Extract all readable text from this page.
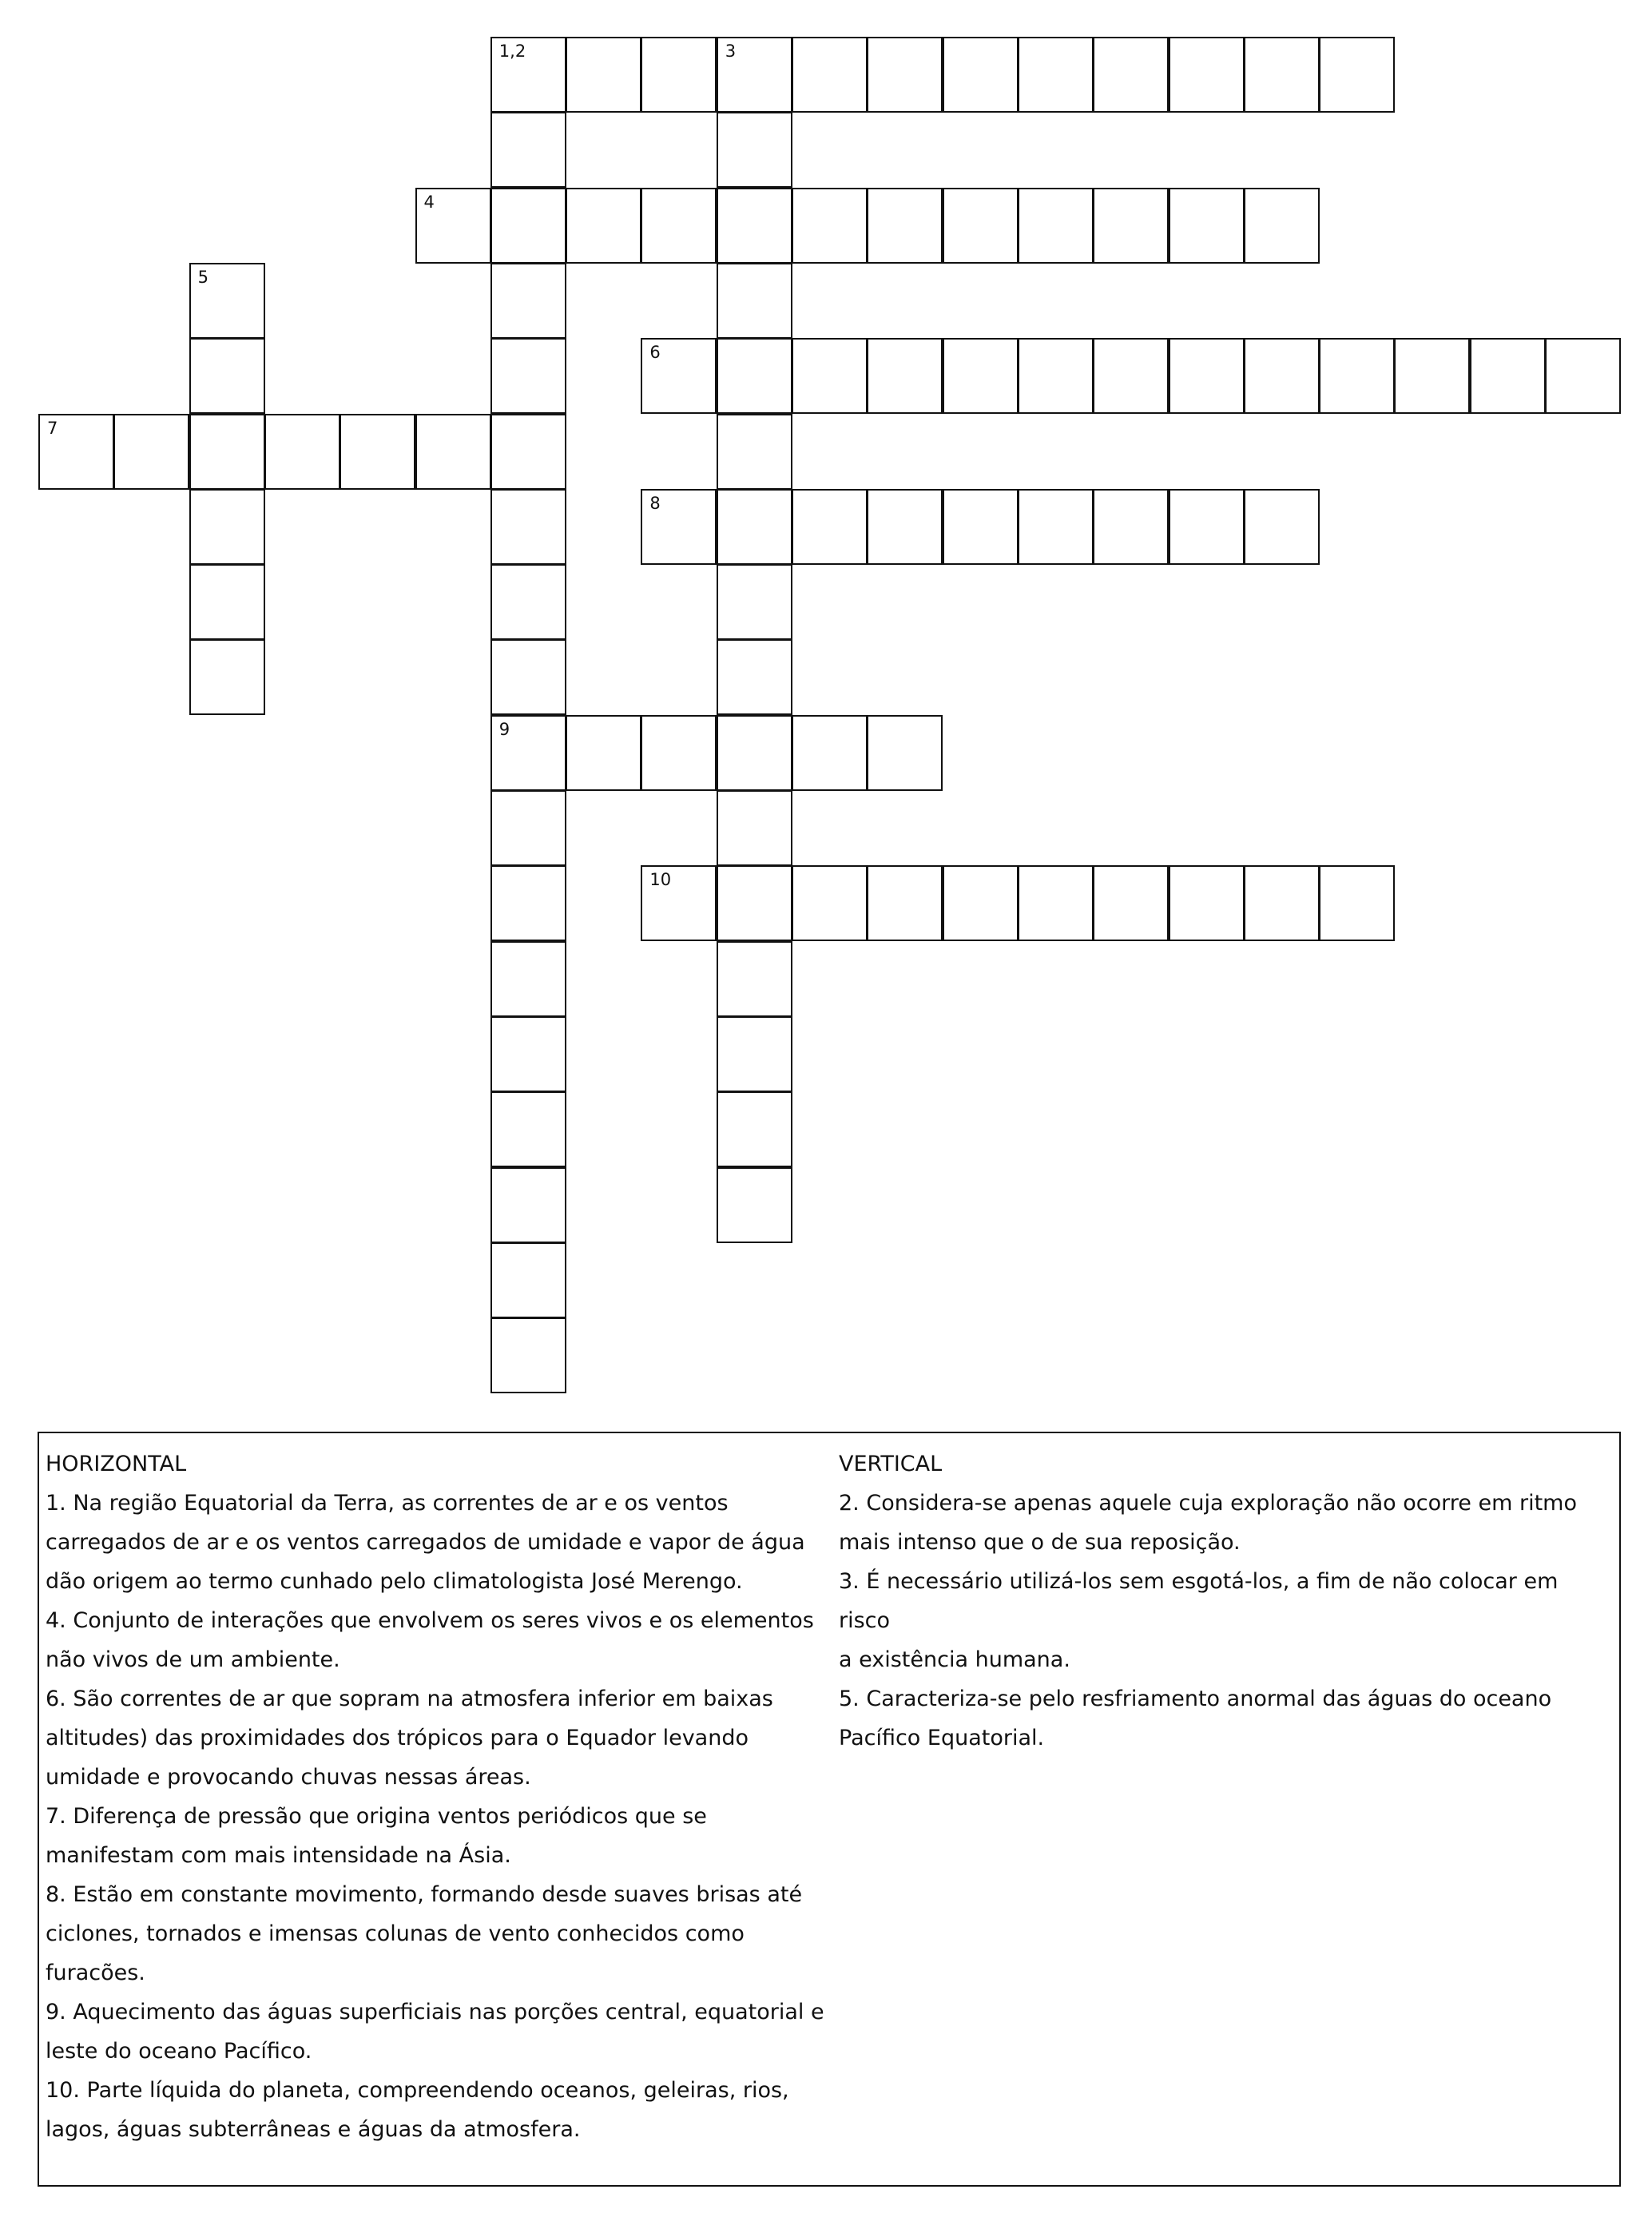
1,2	3
9
4
5
6
7
8
10

HORIZONTAL

1. Na região Equatorial da Terra, as correntes de ar e os ventos

carregados de ar e os ventos carregados de umidade e vapor de água

dão origem ao termo cunhado pelo climatologista José Merengo.

4. Conjunto de interações que envolvem os seres vivos e os elementos

não vivos de um ambiente.

6. São correntes de ar que sopram na atmosfera inferior em baixas

altitudes) das proximidades dos trópicos para o Equador levando

umidade e provocando chuvas nessas áreas.

7. Diferença de pressão que origina ventos periódicos que se

manifestam com mais intensidade na Ásia.

8. Estão em constante movimento, formando desde suaves brisas até

ciclones, tornados e imensas colunas de vento conhecidos como

furacões.

9. Aquecimento das águas superficiais nas porções central, equatorial e

leste do oceano Pacífico.

10. Parte líquida do planeta, compreendendo oceanos, geleiras, rios,

lagos, águas subterrâneas e águas da atmosfera.

VERTICAL

2. Considera-se apenas aquele cuja exploração não ocorre em ritmo

mais intenso que o de sua reposição.

3. É necessário utilizá-los sem esgotá-los, a fim de não colocar em risco

a existência humana.

5. Caracteriza-se pelo resfriamento anormal das águas do oceano

Pacífico Equatorial.
